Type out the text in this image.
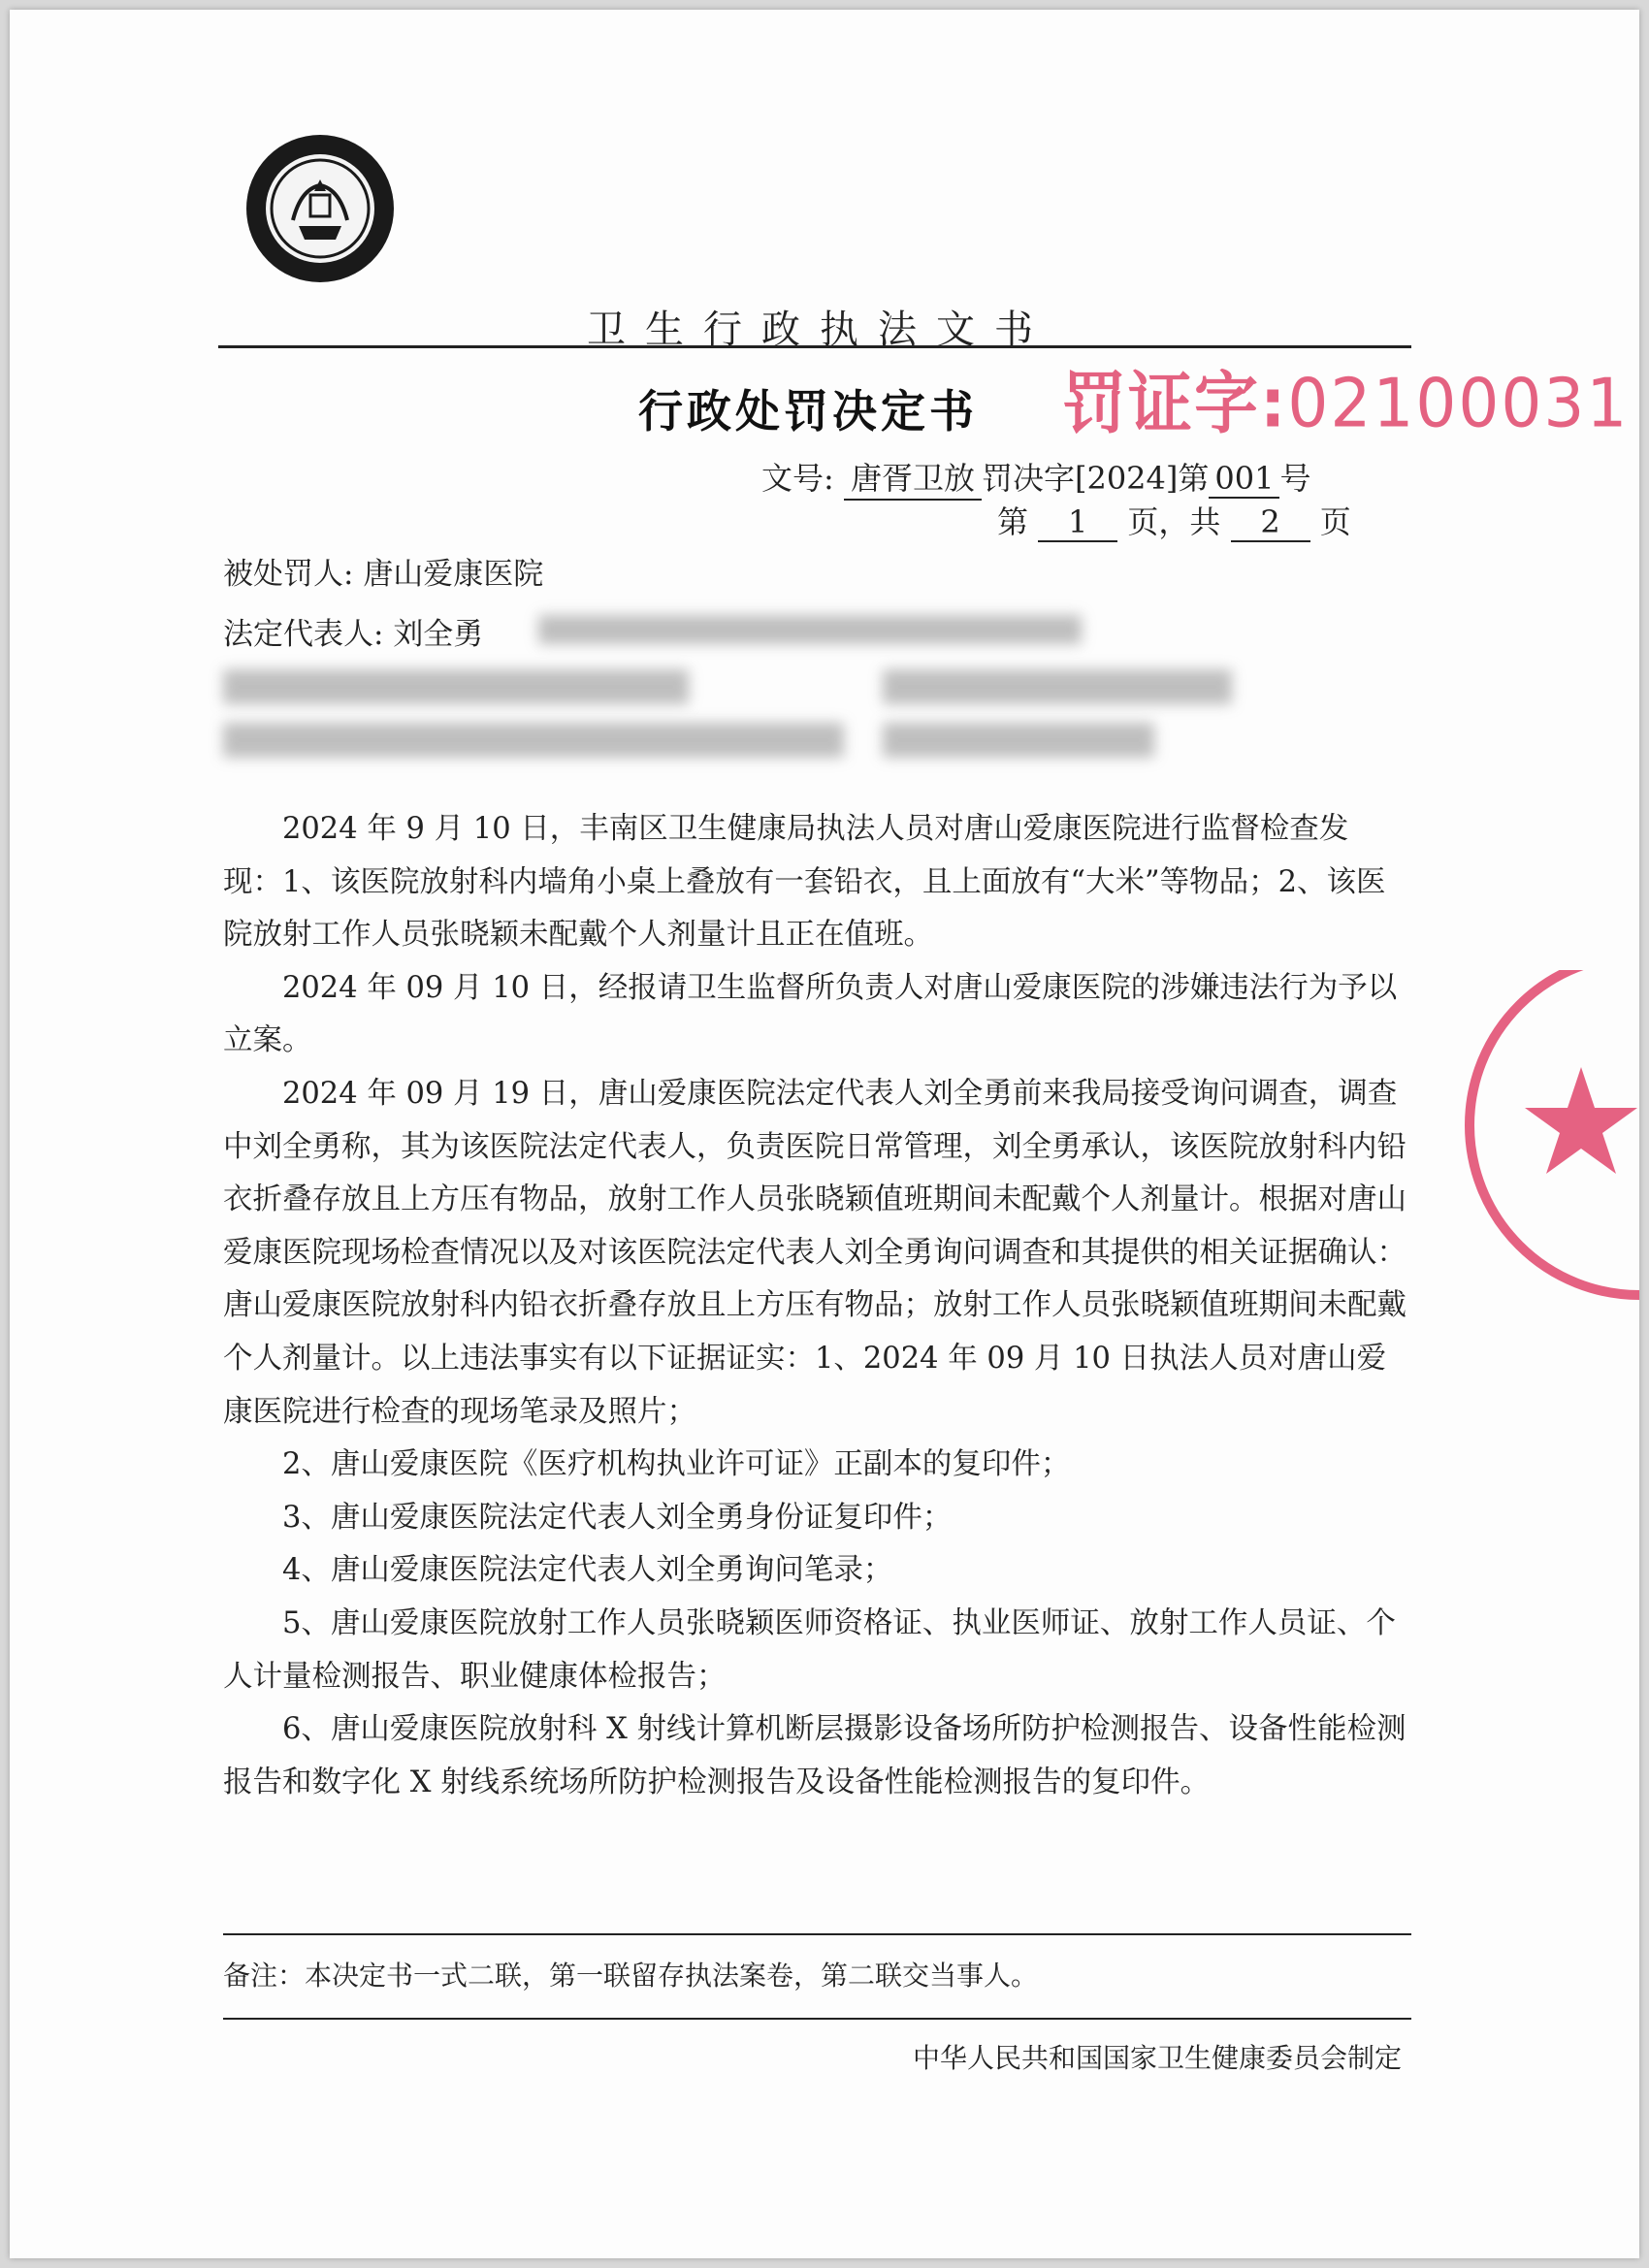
卫生行政执法文书
行政处罚决定书 罚证字:02100031
文号: 唐胥卫放 罚决字[2024]第 001 号
第 1 页，共 2 页
被处罚人: 唐山爱康医院
法定代表人: 刘全勇

2024 年 9 月 10 日，丰南区卫生健康局执法人员对唐山爱康医院进行监督检查发现：1、该医院放射科内墙角小桌上叠放有一套铅衣，且上面放有“大米”等物品；2、该医院放射工作人员张晓颖未配戴个人剂量计且正在值班。

2024 年 09 月 10 日，经报请卫生监督所负责人对唐山爱康医院的涉嫌违法行为予以立案。

2024 年 09 月 19 日，唐山爱康医院法定代表人刘全勇前来我局接受询问调查，调查中刘全勇称，其为该医院法定代表人，负责医院日常管理，刘全勇承认，该医院放射科内铅衣折叠存放且上方压有物品，放射工作人员张晓颖值班期间未配戴个人剂量计。根据对唐山爱康医院现场检查情况以及对该医院法定代表人刘全勇询问调查和其提供的相关证据确认：唐山爱康医院放射科内铅衣折叠存放且上方压有物品；放射工作人员张晓颖值班期间未配戴个人剂量计。以上违法事实有以下证据证实：1、2024 年 09 月 10 日执法人员对唐山爱康医院进行检查的现场笔录及照片；

2、唐山爱康医院《医疗机构执业许可证》正副本的复印件；

3、唐山爱康医院法定代表人刘全勇身份证复印件；

4、唐山爱康医院法定代表人刘全勇询问笔录；

5、唐山爱康医院放射工作人员张晓颖医师资格证、执业医师证、放射工作人员证、个人计量检测报告、职业健康体检报告；

6、唐山爱康医院放射科 X 射线计算机断层摄影设备场所防护检测报告、设备性能检测报告和数字化 X 射线系统场所防护检测报告及设备性能检测报告的复印件。

备注：本决定书一式二联，第一联留存执法案卷，第二联交当事人。
中华人民共和国国家卫生健康委员会制定
